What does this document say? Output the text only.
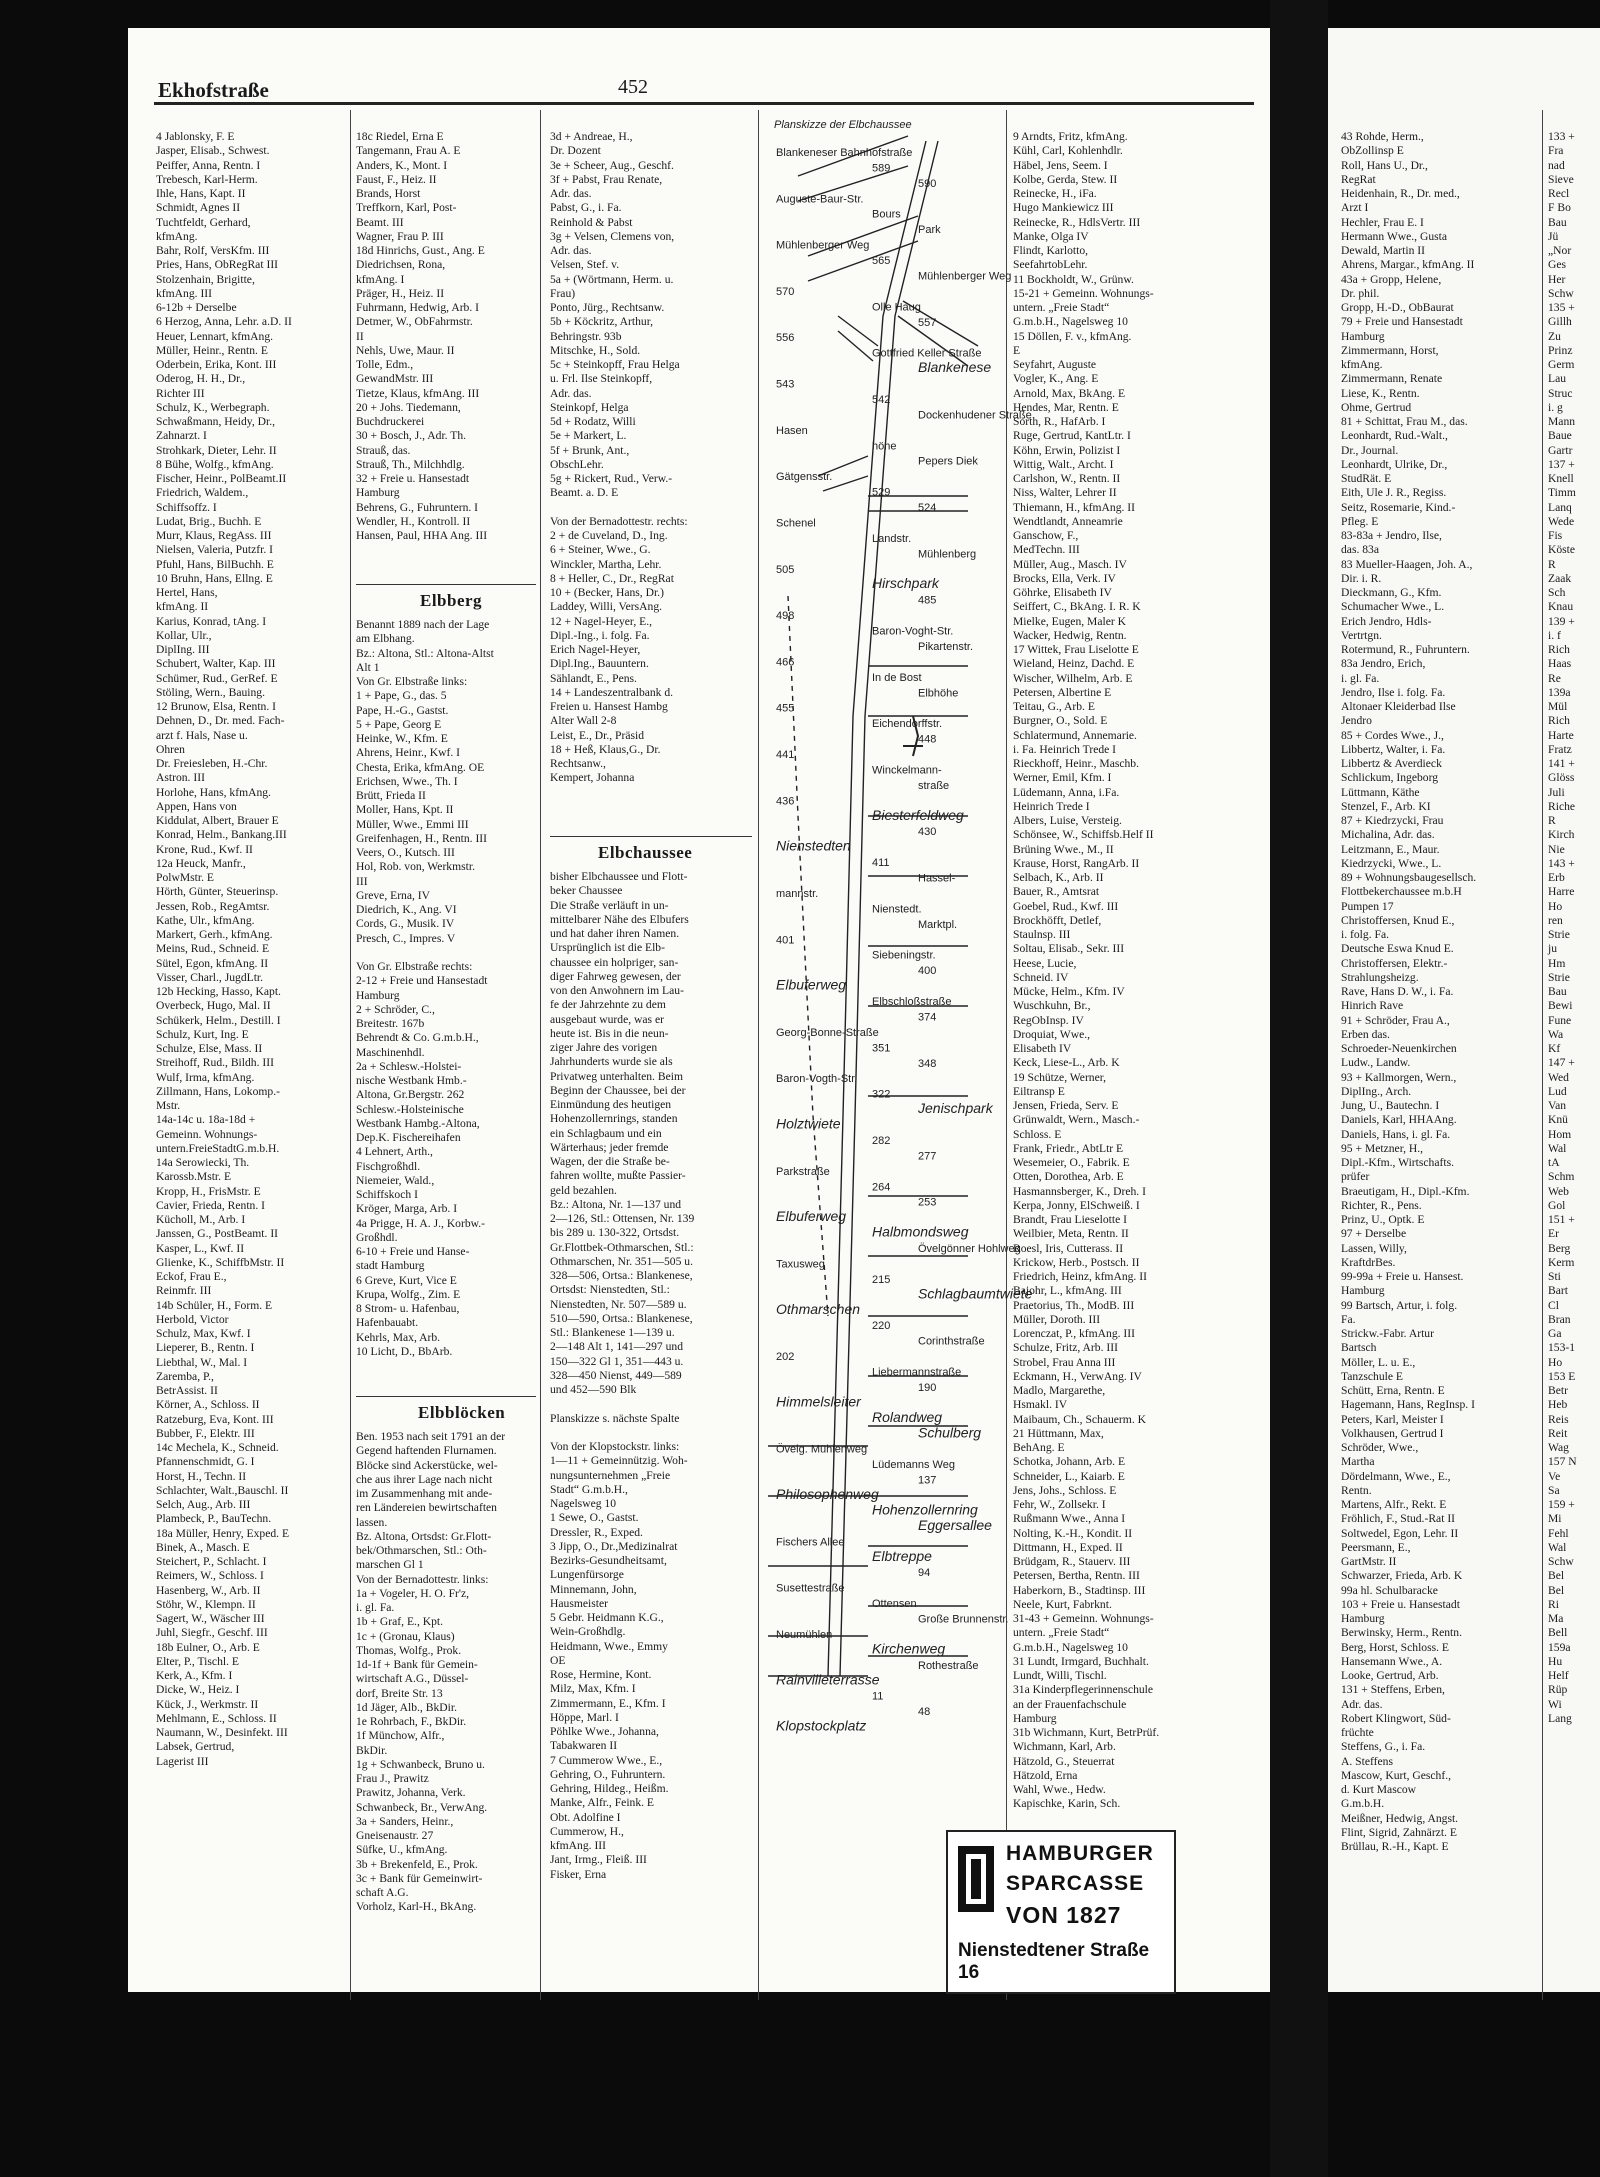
Ekhofstraße	452

4 Jablonsky, F. E

Jasper, Elisab., Schwest.

Peiffer, Anna, Rentn. I

Trebesch, Karl-Herm.

Ihle, Hans, Kapt. II

Schmidt, Agnes II

Tuchtfeldt, Gerhard,

kfmAng.

Bahr, Rolf, VersKfm. III

Pries, Hans, ObRegRat III

Stolzenhain, Brigitte,

kfmAng. III

6-12b + Derselbe

6 Herzog, Anna, Lehr. a.D. II

Heuer, Lennart, kfmAng.

Müller, Heinr., Rentn. E

Oderbein, Erika, Kont. III

Oderog, H. H., Dr.,

Richter III

Schulz, K., Werbegraph.

Schwaßmann, Heidy, Dr.,

Zahnarzt. I

Strohkark, Dieter, Lehr. II

8 Bühe, Wolfg., kfmAng.

Fischer, Heinr., PolBeamt.II

Friedrich, Waldem.,

Schiffsoffz. I

Ludat, Brig., Buchh. E

Murr, Klaus, RegAss. III

Nielsen, Valeria, Putzfr. I

Pfuhl, Hans, BilBuchh. E

10 Bruhn, Hans, Ellng. E

Hertel, Hans,

kfmAng. II

Karius, Konrad, tAng. I

Kollar, Ulr.,

DiplIng. III

Schubert, Walter, Kap. III

Schümer, Rud., GerRef. E

Stöling, Wern., Bauing.

12 Brunow, Elsa, Rentn. I

Dehnen, D., Dr. med. Fach-

arzt f. Hals, Nase u.

Ohren

Dr. Freiesleben, H.-Chr.

Astron. III

Horlohe, Hans, kfmAng.

Appen, Hans von

Kiddulat, Albert, Brauer E

Konrad, Helm., Bankang.III

Krone, Rud., Kwf. II

12a Heuck, Manfr.,

PolwMstr. E

Hörth, Günter, Steuerinsp.

Jessen, Rob., RegAmtsr.

Kathe, Ulr., kfmAng.

Markert, Gerh., kfmAng.

Meins, Rud., Schneid. E

Sütel, Egon, kfmAng. II

Visser, Charl., JugdLtr.

12b Hecking, Hasso, Kapt.

Overbeck, Hugo, Mal. II

Schükerk, Helm., Destill. I

Schulz, Kurt, Ing. E

Schulze, Else, Mass. II

Streihoff, Rud., Bildh. III

Wulf, Irma, kfmAng.

Zillmann, Hans, Lokomp.-

Mstr.

14a-14c u. 18a-18d +

Gemeinn. Wohnungs-

untern.FreieStadtG.m.b.H.

14a Serowiecki, Th.

Karossb.Mstr. E

Kropp, H., FrisMstr. E

Cavier, Frieda, Rentn. I

Kücholl, M., Arb. I

Janssen, G., PostBeamt. II

Kasper, L., Kwf. II

Glienke, K., SchiffbMstr. II

Eckof, Frau E.,

Reinmfr. III

14b Schüler, H., Form. E

Herbold, Victor

Schulz, Max, Kwf. I

Lieperer, B., Rentn. I

Liebthal, W., Mal. I

Zaremba, P.,

BetrAssist. II

Körner, A., Schloss. II

Ratzeburg, Eva, Kont. III

Bubber, F., Elektr. III

14c Mechela, K., Schneid.

Pfannenschmidt, G. I

Horst, H., Techn. II

Schlachter, Walt.,Bauschl. II

Selch, Aug., Arb. III

Plambeck, P., BauTechn.

18a Müller, Henry, Exped. E

Binek, A., Masch. E

Steichert, P., Schlacht. I

Reimers, W., Schloss. I

Hasenberg, W., Arb. II

Stöhr, W., Klempn. II

Sagert, W., Wäscher III

Juhl, Siegfr., Geschf. III

18b Eulner, O., Arb. E

Elter, P., Tischl. E

Kerk, A., Kfm. I

Dicke, W., Heiz. I

Kück, J., Werkmstr. II

Mehlmann, E., Schloss. II

Naumann, W., Desinfekt. III

Labsek, Gertrud,

Lagerist III

18c Riedel, Erna E

Tangemann, Frau A. E

Anders, K., Mont. I

Faust, F., Heiz. II

Brands, Horst

Treffkorn, Karl, Post-

Beamt. III

Wagner, Frau P. III

18d Hinrichs, Gust., Ang. E

Diedrichsen, Rona,

kfmAng. I

Präger, H., Heiz. II

Fuhrmann, Hedwig, Arb. I

Detmer, W., ObFahrmstr.

II

Nehls, Uwe, Maur. II

Tolle, Edm.,

GewandMstr. III

Tietze, Klaus, kfmAng. III

20 + Johs. Tiedemann,

Buchdruckerei

30 + Bosch, J., Adr. Th.

Strauß, das.

Strauß, Th., Milchhdlg.

32 + Freie u. Hansestadt

Hamburg

Behrens, G., Fuhruntern. I

Wendler, H., Kontroll. II

Hansen, Paul, HHA Ang. III

Elbberg

Benannt 1889 nach der Lage

am Elbhang.

Bz.: Altona, Stl.: Altona-Altst

Alt 1

Von Gr. Elbstraße links:

1 + Pape, G., das. 5

Pape, H.-G., Gastst.

5 + Pape, Georg E

Heinke, W., Kfm. E

Ahrens, Heinr., Kwf. I

Chesta, Erika, kfmAng. OE

Erichsen, Wwe., Th. I

Brütt, Frieda II

Moller, Hans, Kpt. II

Müller, Wwe., Emmi III

Greifenhagen, H., Rentn. III

Veers, O., Kutsch. III

Hol, Rob. von, Werkmstr.

III

Greve, Erna, IV

Diedrich, K., Ang. VI

Cords, G., Musik. IV

Presch, C., Impres. V

Von Gr. Elbstraße rechts:

2-12 + Freie und Hansestadt

Hamburg

2 + Schröder, C.,

Breitestr. 167b

Behrendt & Co. G.m.b.H.,

Maschinenhdl.

2a + Schlesw.-Holstei-

nische Westbank Hmb.-

Altona, Gr.Bergstr. 262

Schlesw.-Holsteinische

Westbank Hambg.-Altona,

Dep.K. Fischereihafen

4 Lehnert, Arth.,

Fischgroßhdl.

Niemeier, Wald.,

Schiffskoch I

Kröger, Marga, Arb. I

4a Prigge, H. A. J., Korbw.-

Großhdl.

6-10 + Freie und Hanse-

stadt Hamburg

6 Greve, Kurt, Vice E

Krupa, Wolfg., Zim. E

8 Strom- u. Hafenbau,

Hafenbauabt.

Kehrls, Max, Arb.

10 Licht, D., BbArb.

Elbblöcken

Ben. 1953 nach seit 1791 an der

Gegend haftenden Flurnamen.

Blöcke sind Ackerstücke, wel-

che aus ihrer Lage nach nicht

im Zusammenhang mit ande-

ren Ländereien bewirtschaften

lassen.

Bz. Altona, Ortsdst: Gr.Flott-

bek/Othmarschen, Stl.: Oth-

marschen Gl 1

Von der Bernadottestr. links:

1a + Vogeler, H. O. Fr'z,

i. gl. Fa.

1b + Graf, E., Kpt.

1c + (Gronau, Klaus)

Thomas, Wolfg., Prok.

1d-1f + Bank für Gemein-

wirtschaft A.G., Düssel-

dorf, Breite Str. 13

1d Jäger, Alb., BkDir.

1e Rohrbach, F., BkDir.

1f Münchow, Alfr.,

BkDir.

1g + Schwanbeck, Bruno u.

Frau J., Prawitz

Prawitz, Johanna, Verk.

Schwanbeck, Br., VerwAng.

3a + Sanders, Heinr.,

Gneisenaustr. 27

Süfke, U., kfmAng.

3b + Brekenfeld, E., Prok.

3c + Bank für Gemeinwirt-

schaft A.G.

Vorholz, Karl-H., BkAng.

3d + Andreae, H.,

Dr. Dozent

3e + Scheer, Aug., Geschf.

3f + Pabst, Frau Renate,

Adr. das.

Pabst, G., i. Fa.

Reinhold & Pabst

3g + Velsen, Clemens von,

Adr. das.

Velsen, Stef. v.

5a + (Wörtmann, Herm. u.

Frau)

Ponto, Jürg., Rechtsanw.

5b + Köckritz, Arthur,

Behringstr. 93b

Mitschke, H., Sold.

5c + Steinkopff, Frau Helga

u. Frl. Ilse Steinkopff,

Adr. das.

Steinkopf, Helga

5d + Rodatz, Willi

5e + Markert, L.

5f + Brunk, Ant.,

ObschLehr.

5g + Rickert, Rud., Verw.-

Beamt. a. D. E

Von der Bernadottestr. rechts:

2 + de Cuveland, D., Ing.

6 + Steiner, Wwe., G.

Winckler, Martha, Lehr.

8 + Heller, C., Dr., RegRat

10 + (Becker, Hans, Dr.)

Laddey, Willi, VersAng.

12 + Nagel-Heyer, E.,

Dipl.-Ing., i. folg. Fa.

Erich Nagel-Heyer,

Dipl.Ing., Bauuntern.

Sählandt, E., Pens.

14 + Landeszentralbank d.

Freien u. Hansest Hambg

Alter Wall 2-8

Leist, E., Dr., Präsid

18 + Heß, Klaus,G., Dr.

Rechtsanw.,

Kempert, Johanna

Elbchaussee

bisher Elbchaussee und Flott-

beker Chaussee

Die Straße verläuft in un-

mittelbarer Nähe des Elbufers

und hat daher ihren Namen.

Ursprünglich ist die Elb-

chaussee ein holpriger, san-

diger Fahrweg gewesen, der

von den Anwohnern im Lau-

fe der Jahrzehnte zu dem

ausgebaut wurde, was er

heute ist. Bis in die neun-

ziger Jahre des vorigen

Jahrhunderts wurde sie als

Privatweg unterhalten. Beim

Beginn der Chaussee, bei der

Einmündung des heutigen

Hohenzollernrings, standen

ein Schlagbaum und ein

Wärterhaus; jeder fremde

Wagen, der die Straße be-

fahren wollte, mußte Passier-

geld bezahlen.

Bz.: Altona, Nr. 1—137 und

2—126, Stl.: Ottensen, Nr. 139

bis 289 u. 130-322, Ortsdst.

Gr.Flottbek-Othmarschen, Stl.:

Othmarschen, Nr. 351—505 u.

328—506, Ortsa.: Blankenese,

Ortsdst: Nienstedten, Stl.:

Nienstedten, Nr. 507—589 u.

510—590, Ortsa.: Blankenese,

Stl.: Blankenese 1—139 u.

2—148 Alt 1, 141—297 und

150—322 Gl 1, 351—443 u.

328—450 Nienst, 449—589

und 452—590 Blk

Planskizze s. nächste Spalte

Von der Klopstockstr. links:

1—11 + Gemeinnützig. Woh-

nungsunternehmen „Freie

Stadt“ G.m.b.H.,

Nagelsweg 10

1 Sewe, O., Gastst.

Dressler, R., Exped.

3 Jipp, O., Dr.,Medizinalrat

Bezirks-Gesundheitsamt,

Lungenfürsorge

Minnemann, John,

Hausmeister

5 Gebr. Heidmann K.G.,

Wein-Großhdlg.

Heidmann, Wwe., Emmy

OE

Rose, Hermine, Kont.

Milz, Max, Kfm. I

Zimmermann, E., Kfm. I

Höppe, Marl. I

Pöhlke Wwe., Johanna,

Tabakwaren II

7 Cummerow Wwe., E.,

Gehring, O., Fuhruntern.

Gehring, Hildeg., Heißm.

Manke, Alfr., Feink. E

Obt. Adolfine I

Cummerow, H.,

kfmAng. III

Jant, Irmg., Fleiß. III

Fisker, Erna

Planskizze der Elbchaussee
Blankeneser Bahnhofstraße
589
590
Auguste-Baur-Str.
Bours
Park
Mühlenberger Weg
565
Mühlenberger Weg
570
Olle Haug
557
556
Gottfried Keller Straße
Blankenese
543
542
Dockenhudener Straße
Hasen
höhe
Pepers Diek
Gätgensstr.
529
524
Schenel
Landstr.
Mühlenberg
505
Hirschpark
485
498
Baron-Voght-Str.
Pikartenstr.
466
In de Bost
Elbhöhe
455
Eichendorffstr.
448
441
Winckelmann-
straße
436
Biesterfeldweg
430
Nienstedten
411
Hassel-
mannstr.
Nienstedt.
Marktpl.
401
Siebeningstr.
400
Elbuferweg
Elbschloßstraße
374
Georg-Bonne-Straße
351
348
Baron-Vogth-Str.
322
Jenischpark
Holztwiete
282
277
Parkstraße
264
253
Elbuferweg
Halbmondsweg
Övelgönner Hohlweg
Taxusweg
215
Schlagbaumtwiete
Othmarschen
220
Corinthstraße
202
Liebermannstraße
190
Himmelsleiter
Rolandweg
Schulberg
Övelg. Mühlenweg
Lüdemanns Weg
137
Philosophenweg
Hohenzollernring
Eggersallee
Fischers Allee
Elbtreppe
94
Susettestraße
Ottensen
Große Brunnenstr.
Neumühlen
Kirchenweg
Rothestraße
Rainvilleterrasse
11
48
Klopstockplatz
HAMBURGER
SPARCASSE
VON 1827
Nienstedtener Straße 16

9 Arndts, Fritz, kfmAng.

Kühl, Carl, Kohlenhdlr.

Häbel, Jens, Seem. I

Kolbe, Gerda, Stew. II

Reinecke, H., iFa.

Hugo Mankiewicz III

Reinecke, R., HdlsVertr. III

Manke, Olga IV

Flindt, Karlotto,

SeefahrtobLehr.

11 Bockholdt, W., Grünw.

15-21 + Gemeinn. Wohnungs-

untern. „Freie Stadt“

G.m.b.H., Nagelsweg 10

15 Döllen, F. v., kfmAng.

E

Seyfahrt, Auguste

Vogler, K., Ang. E

Arnold, Max, BkAng. E

Hendes, Mar, Rentn. E

Sorth, R., HafArb. I

Ruge, Gertrud, KantLtr. I

Köhn, Erwin, Polizist I

Wittig, Walt., Archt. I

Carlshon, W., Rentn. II

Niss, Walter, Lehrer II

Thiemann, H., kfmAng. II

Wendtlandt, Anneamrie

Ganschow, F.,

MedTechn. III

Müller, Aug., Masch. IV

Brocks, Ella, Verk. IV

Göhrke, Elisabeth IV

Seiffert, C., BkAng. I. R. K

Mielke, Eugen, Maler K

Wacker, Hedwig, Rentn.

17 Wittek, Frau Liselotte E

Wieland, Heinz, Dachd. E

Wischer, Wilhelm, Arb. E

Petersen, Albertine E

Teitau, G., Arb. E

Burgner, O., Sold. E

Schlatermund, Annemarie.

i. Fa. Heinrich Trede I

Rieckhoff, Heinr., Maschb.

Werner, Emil, Kfm. I

Lüdemann, Anna, i.Fa.

Heinrich Trede I

Albers, Luise, Versteig.

Schönsee, W., Schiffsb.Helf II

Brüning Wwe., M., II

Krause, Horst, RangArb. II

Selbach, K., Arb. II

Bauer, R., Amtsrat

Goebel, Rud., Kwf. III

Brockhöfft, Detlef,

Staulnsp. III

Soltau, Elisab., Sekr. III

Heese, Lucie,

Schneid. IV

Mücke, Helm., Kfm. IV

Wuschkuhn, Br.,

RegObInsp. IV

Droquiat, Wwe.,

Elisabeth IV

Keck, Liese-L., Arb. K

19 Schütze, Werner,

Eiltransp E

Jensen, Frieda, Serv. E

Grünwaldt, Wern., Masch.-

Schloss. E

Frank, Friedr., AbtLtr E

Wesemeier, O., Fabrik. E

Otten, Dorothea, Arb. E

Hasmannsberger, K., Dreh. I

Kerpa, Jonny, ElSchweiß. I

Brandt, Frau Lieselotte I

Weilbier, Meta, Rentn. II

Roesl, Iris, Cutterass. II

Krickow, Herb., Postsch. II

Friedrich, Heinz, kfmAng. II

Bajohr, L., kfmAng. III

Praetorius, Th., ModB. III

Müller, Doroth. III

Lorenczat, P., kfmAng. III

Schulze, Fritz, Arb. III

Strobel, Frau Anna III

Eckmann, H., VerwAng. IV

Madlo, Margarethe,

Hsmakl. IV

Maibaum, Ch., Schauerm. K

21 Hüttmann, Max,

BehAng. E

Schotka, Johann, Arb. E

Schneider, L., Kaiarb. E

Jens, Johs., Schloss. E

Fehr, W., Zollsekr. I

Rußmann Wwe., Anna I

Nolting, K.-H., Kondit. II

Dittmann, H., Exped. II

Brüdgam, R., Stauerv. III

Petersen, Bertha, Rentn. III

Haberkorn, B., Stadtinsp. III

Neele, Kurt, Fabrknt.

31-43 + Gemeinn. Wohnungs-

untern. „Freie Stadt“

G.m.b.H., Nagelsweg 10

31 Lundt, Irmgard, Buchhalt.

Lundt, Willi, Tischl.

31a Kinderpflegerinnenschule

an der Frauenfachschule

Hamburg

31b Wichmann, Kurt, BetrPrüf.

Wichmann, Karl, Arb.

Hätzold, G., Steuerrat

Hätzold, Erna

Wahl, Wwe., Hedw.

Kapischke, Karin, Sch.

43 Rohde, Herm.,

ObZollinsp E

Roll, Hans U., Dr.,

RegRat

Heidenhain, R., Dr. med.,

Arzt I

Hechler, Frau E. I

Hermann Wwe., Gusta

Dewald, Martin II

Ahrens, Margar., kfmAng. II

43a + Gropp, Helene,

Dr. phil.

Gropp, H.-D., ObBaurat

79 + Freie und Hansestadt

Hamburg

Zimmermann, Horst,

kfmAng.

Zimmermann, Renate

Liese, K., Rentn.

Ohme, Gertrud

81 + Schittat, Frau M., das.

Leonhardt, Rud.-Walt.,

Dr., Journal.

Leonhardt, Ulrike, Dr.,

StudRät. E

Eith, Ule J. R., Regiss.

Seitz, Rosemarie, Kind.-

Pfleg. E

83-83a + Jendro, Ilse,

das. 83a

83 Mueller-Haagen, Joh. A.,

Dir. i. R.

Dieckmann, G., Kfm.

Schumacher Wwe., L.

Erich Jendro, Hdls-

Vertrtgn.

Rotermund, R., Fuhruntern.

83a Jendro, Erich,

i. gl. Fa.

Jendro, Ilse i. folg. Fa.

Altonaer Kleiderbad Ilse

Jendro

85 + Cordes Wwe., J.,

Libbertz, Walter, i. Fa.

Libbertz & Averdieck

Schlickum, Ingeborg

Lüttmann, Käthe

Stenzel, F., Arb. KI

87 + Kiedrzycki, Frau

Michalina, Adr. das.

Leitzmann, E., Maur.

Kiedrzycki, Wwe., L.

89 + Wohnungsbaugesellsch.

Flottbekerchaussee m.b.H

Pumpen 17

Christoffersen, Knud E.,

i. folg. Fa.

Deutsche Eswa Knud E.

Christoffersen, Elektr.-

Strahlungsheizg.

Rave, Hans D. W., i. Fa.

Hinrich Rave

91 + Schröder, Frau A.,

Erben das.

Schroeder-Neuenkirchen

Ludw., Landw.

93 + Kallmorgen, Wern.,

DiplIng., Arch.

Jung, U., Bautechn. I

Daniels, Karl, HHAAng.

Daniels, Hans, i. gl. Fa.

95 + Metzner, H.,

Dipl.-Kfm., Wirtschafts.

prüfer

Braeutigam, H., Dipl.-Kfm.

Richter, R., Pens.

Prinz, U., Optk. E

97 + Derselbe

Lassen, Willy,

KraftdrBes.

99-99a + Freie u. Hansest.

Hamburg

99 Bartsch, Artur, i. folg.

Fa.

Strickw.-Fabr. Artur

Bartsch

Möller, L. u. E.,

Tanzschule E

Schütt, Erna, Rentn. E

Hagemann, Hans, RegInsp. I

Peters, Karl, Meister I

Volkhausen, Gertrud I

Schröder, Wwe.,

Martha

Dördelmann, Wwe., E.,

Rentn.

Martens, Alfr., Rekt. E

Fröhlich, F., Stud.-Rat II

Soltwedel, Egon, Lehr. II

Peersmann, E.,

GartMstr. II

Schwarzer, Frieda, Arb. K

99a hl. Schulbaracke

103 + Freie u. Hansestadt

Hamburg

Berwinsky, Herm., Rentn.

Berg, Horst, Schloss. E

Hansemann Wwe., A.

Looke, Gertrud, Arb.

131 + Steffens, Erben,

Adr. das.

Robert Klingwort, Süd-

früchte

Steffens, G., i. Fa.

A. Steffens

Mascow, Kurt, Geschf.,

d. Kurt Mascow

G.m.b.H.

Meißner, Hedwig, Angst.

Flint, Sigrid, Zahnärzt. E

Brüllau, R.-H., Kapt. E

133 +

Fra

nad

Sieve

Recl

F Bo

Bau

Jü

„Nor

Ges

Her

Schw

135 +

Gillh

Zu

Prinz

Germ

Lau

Struc

i. g

Mann

Baue

Gartr

137 +

Knell

Timm

Lanq

Wede

Fis

Köste

R

Zaak

Sch

Knau

139 +

i. f

Rich

Haas

Re

139a

Mül

Rich

Harte

Fratz

141 +

Glöss

Juli

Riche

R

Kirch

Nie

143 +

Erb

Harre

Ho

ren

Strie

ju

Hm

Strie

Bau

Bewi

Fune

Wa

Kf

147 +

Wed

Lud

Van

Knü

Hom

Wal

tA

Schm

Web

Gol

151 +

Er

Berg

Kerm

Sti

Bart

Cl

Bran

Ga

153-1

Ho

153 E

Betr

Heb

Reis

Reit

Wag

157 N

Ve

Sa

159 +

Mi

Fehl

Wal

Schw

Bel

Bel

Ri

Ma

Bell

159a

Hu

Helf

Rüp

Wi

Lang
